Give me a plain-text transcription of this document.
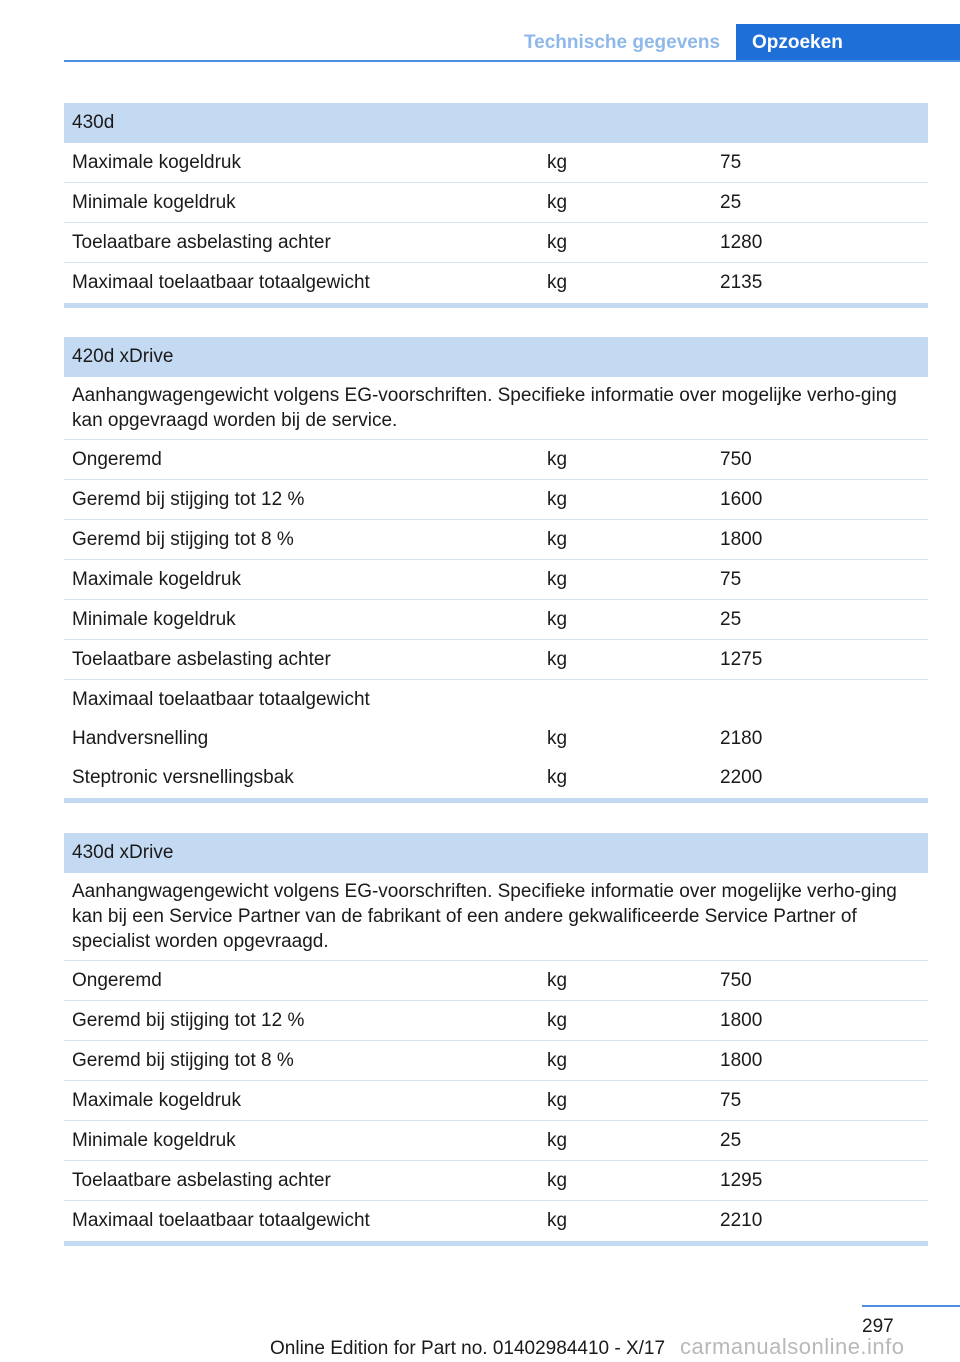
Technische gegevens	Opzoeken
430d
Maximale kogeldruk	kg	75
Minimale kogeldruk	kg	25
Toelaatbare asbelasting achter	kg	1280
Maximaal toelaatbaar totaalgewicht	kg	2135
420d xDrive
Aanhangwagengewicht volgens EG-voorschriften. Specifieke informatie over mogelijke verho-ging kan opgevraagd worden bij de service.
Ongeremd	kg	750
Geremd bij stijging tot 12 %	kg	1600
Geremd bij stijging tot 8 %	kg	1800
Maximale kogeldruk	kg	75
Minimale kogeldruk	kg	25
Toelaatbare asbelasting achter	kg	1275
Maximaal toelaatbaar totaalgewicht
Handversnelling	kg	2180
Steptronic versnellingsbak	kg	2200
430d xDrive
Aanhangwagengewicht volgens EG-voorschriften. Specifieke informatie over mogelijke verho-ging kan bij een Service Partner van de fabrikant of een andere gekwalificeerde Service Partner of specialist worden opgevraagd.
Ongeremd	kg	750
Geremd bij stijging tot 12 %	kg	1800
Geremd bij stijging tot 8 %	kg	1800
Maximale kogeldruk	kg	75
Minimale kogeldruk	kg	25
Toelaatbare asbelasting achter	kg	1295
Maximaal toelaatbaar totaalgewicht	kg	2210
297
Online Edition for Part no. 01402984410 - X/17 carmanualsonline.info
